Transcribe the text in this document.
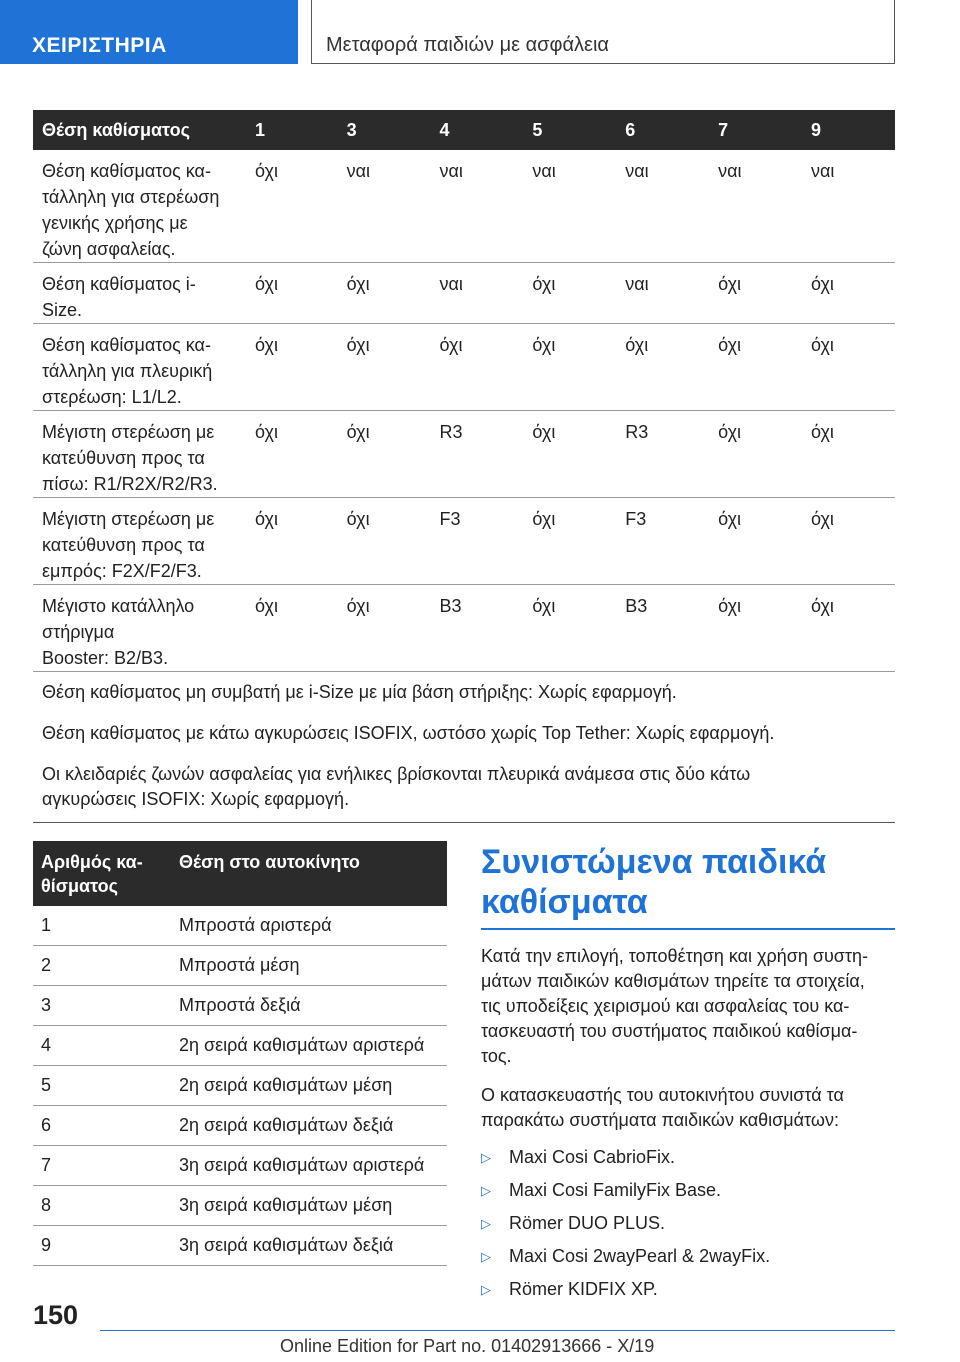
ΧΕΙΡΙΣΤΗΡΙΑ	Μεταφορά παιδιών με ασφάλεια
Θέση καθίσματος	1	3	4	5	6	7	9
Θέση καθίσματος κα-
τάλληλη για στερέωση
γενικής χρήσης με
ζώνη ασφαλείας.	όχι	ναι	ναι	ναι	ναι	ναι	ναι
Θέση καθίσματος i-
Size.	όχι	όχι	ναι	όχι	ναι	όχι	όχι
Θέση καθίσματος κα-
τάλληλη για πλευρική
στερέωση: L1/L2.	όχι	όχι	όχι	όχι	όχι	όχι	όχι
Μέγιστη στερέωση με
κατεύθυνση προς τα
πίσω: R1/R2X/R2/R3.	όχι	όχι	R3	όχι	R3	όχι	όχι
Μέγιστη στερέωση με
κατεύθυνση προς τα
εμπρός: F2X/F2/F3.	όχι	όχι	F3	όχι	F3	όχι	όχι
Μέγιστο κατάλληλο
στήριγμα
Booster: B2/B3.	όχι	όχι	B3	όχι	B3	όχι	όχι
Θέση καθίσματος μη συμβατή με i-Size με μία βάση στήριξης: Χωρίς εφαρμογή.							
Θέση καθίσματος με κάτω αγκυρώσεις ISOFIX, ωστόσο χωρίς Top Tether: Χωρίς εφαρμογή.							
Οι κλειδαριές ζωνών ασφαλείας για ενήλικες βρίσκονται πλευρικά ανάμεσα στις δύο κάτω
αγκυρώσεις ISOFIX: Χωρίς εφαρμογή.							
Αριθμός κα-
θίσματος	Θέση στο αυτοκίνητο
1	Μπροστά αριστερά
2	Μπροστά μέση
3	Μπροστά δεξιά
4	2η σειρά καθισμάτων αριστερά
5	2η σειρά καθισμάτων μέση
6	2η σειρά καθισμάτων δεξιά
7	3η σειρά καθισμάτων αριστερά
8	3η σειρά καθισμάτων μέση
9	3η σειρά καθισμάτων δεξιά
Συνιστώμενα παιδικά καθίσματα

Κατά την επιλογή, τοποθέτηση και χρήση συστη-
μάτων παιδικών καθισμάτων τηρείτε τα στοιχεία,
τις υποδείξεις χειρισμού και ασφαλείας του κα-
τασκευαστή του συστήματος παιδικού καθίσμα-
τος.

Ο κατασκευαστής του αυτοκινήτου συνιστά τα
παρακάτω συστήματα παιδικών καθισμάτων:

▷	Maxi Cosi CabrioFix.
▷	Maxi Cosi FamilyFix Base.
▷	Römer DUO PLUS.
▷	Maxi Cosi 2wayPearl & 2wayFix.
▷	Römer KIDFIX XP.
150
Online Edition for Part no. 01402913666 - X/19
